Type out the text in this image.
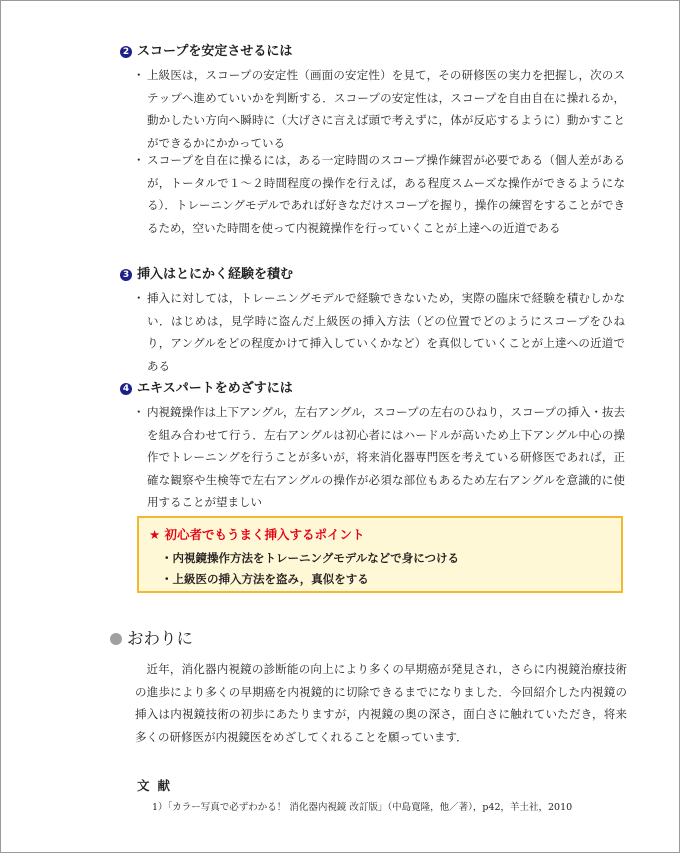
2 スコープを安定させるには
・ 上級医は，スコープの安定性（画面の安定性）を見て，その研修医の実力を把握し，次のステップへ進めていいかを判断する．スコープの安定性は，スコープを自由自在に操れるか，動かしたい方向へ瞬時に（大げさに言えば頭で考えずに，体が反応するように）動かすことができるかにかかっている
・ スコープを自在に操るには，ある一定時間のスコープ操作練習が必要である（個人差があるが，トータルで１〜２時間程度の操作を行えば，ある程度スムーズな操作ができるようになる）．トレーニングモデルであれば好きなだけスコープを握り，操作の練習をすることができるため，空いた時間を使って内視鏡操作を行っていくことが上達への近道である
3 挿入はとにかく経験を積む
・ 挿入に対しては，トレーニングモデルで経験できないため，実際の臨床で経験を積むしかない．はじめは，見学時に盗んだ上級医の挿入方法（どの位置でどのようにスコープをひねり，アングルをどの程度かけて挿入していくかなど）を真似していくことが上達への近道である
4 エキスパートをめざすには
・ 内視鏡操作は上下アングル，左右アングル，スコープの左右のひねり，スコープの挿入・抜去を組み合わせて行う．左右アングルは初心者にはハードルが高いため上下アングル中心の操作でトレーニングを行うことが多いが，将来消化器専門医を考えている研修医であれば，正確な観察や生検等で左右アングルの操作が必須な部位もあるため左右アングルを意識的に使用することが望ましい
★ 初心者でもうまく挿入するポイント
・ 内視鏡操作方法をトレーニングモデルなどで身につける
・ 上級医の挿入方法を盗み，真似をする
おわりに
近年，消化器内視鏡の診断能の向上により多くの早期癌が発見され，さらに内視鏡治療技術の進歩により多くの早期癌を内視鏡的に切除できるまでになりました．今回紹介した内視鏡の挿入は内視鏡技術の初歩にあたりますが，内視鏡の奥の深さ，面白さに触れていただき，将来多くの研修医が内視鏡医をめざしてくれることを願っています．
文献
1）「カラー写真で必ずわかる！ 消化器内視鏡 改訂版」（中島寛隆，他／著），p42，羊土社，2010
